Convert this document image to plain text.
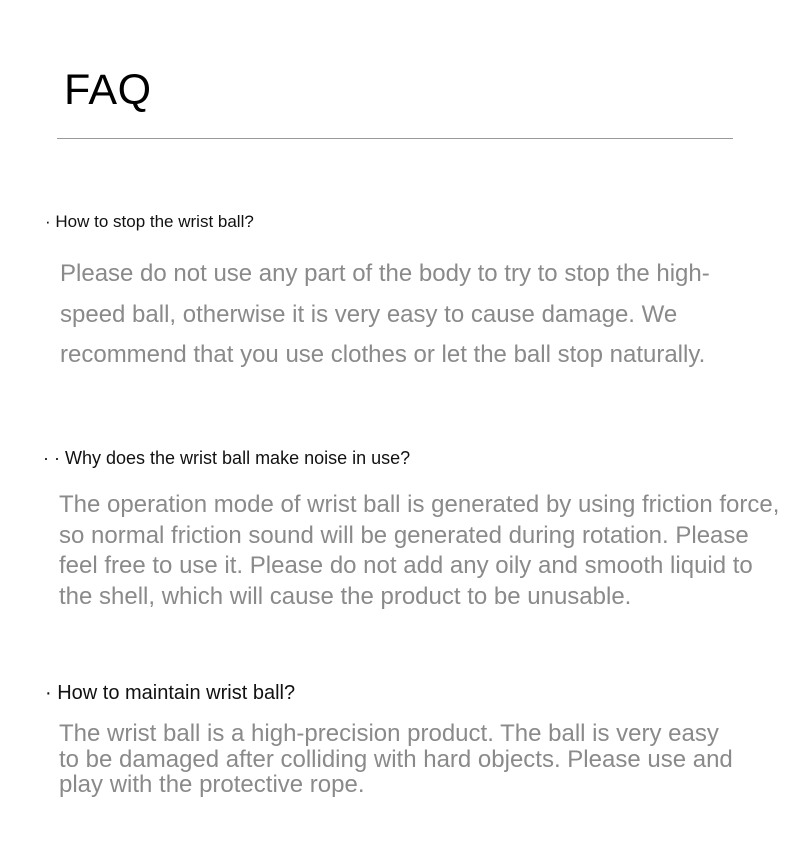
FAQ

· How to stop the wrist ball?

Please do not use any part of the body to try to stop the high-speed ball, otherwise it is very easy to cause damage. We recommend that you use clothes or let the ball stop naturally.

· · Why does the wrist ball make noise in use?

The operation mode of wrist ball is generated by using friction force, so normal friction sound will be generated during rotation. Please feel free to use it. Please do not add any oily and smooth liquid to the shell, which will cause the product to be unusable.

· How to maintain wrist ball?

The wrist ball is a high-precision product. The ball is very easy to be damaged after colliding with hard objects. Please use and play with the protective rope.
